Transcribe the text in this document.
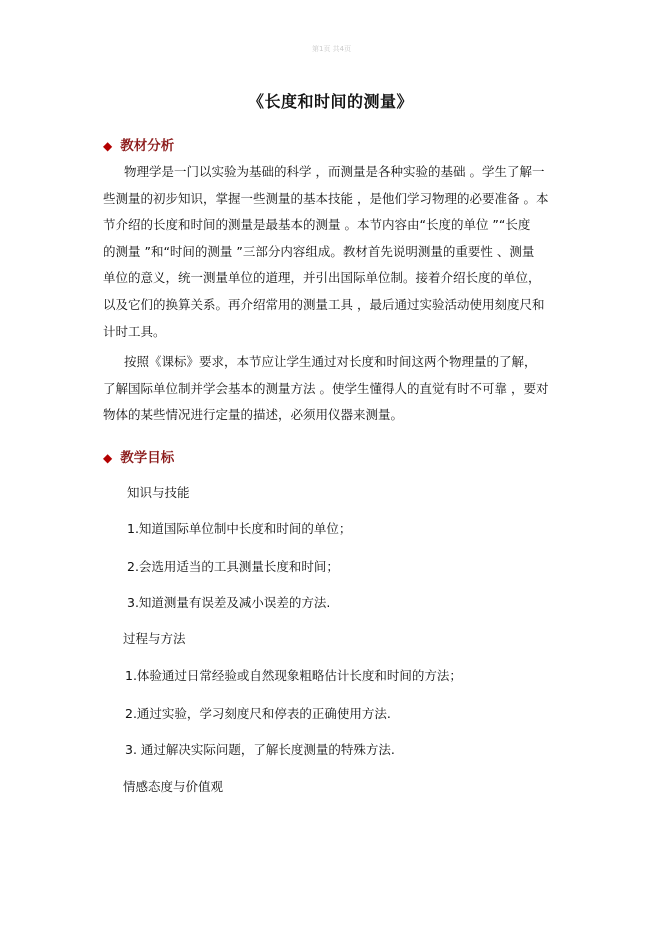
第1页 共4页
《长度和时间的测量》
◆ 教材分析
物理学是一门以实验为基础的科学 ，而测量是各种实验的基础 。学生了解一
些测量的初步知识，掌握一些测量的基本技能 ，是他们学习物理的必要准备 。本
节介绍的长度和时间的测量是最基本的测量 。本节内容由“长度的单位 ”“长度
的测量 ”和“时间的测量 ”三部分内容组成。教材首先说明测量的重要性 、测量
单位的意义，统一测量单位的道理，并引出国际单位制。接着介绍长度的单位，
以及它们的换算关系。再介绍常用的测量工具 ，最后通过实验活动使用刻度尺和
计时工具。
按照《课标》要求，本节应让学生通过对长度和时间这两个物理量的了解，
了解国际单位制并学会基本的测量方法 。使学生懂得人的直觉有时不可靠 ，要对
物体的某些情况进行定量的描述，必须用仪器来测量。
◆ 教学目标
知识与技能
1.知道国际单位制中长度和时间的单位；
2.会选用适当的工具测量长度和时间；
3.知道测量有误差及减小误差的方法.
过程与方法
1.体验通过日常经验或自然现象粗略估计长度和时间的方法；
2.通过实验，学习刻度尺和停表的正确使用方法.
3. 通过解决实际问题，了解长度测量的特殊方法.
情感态度与价值观
